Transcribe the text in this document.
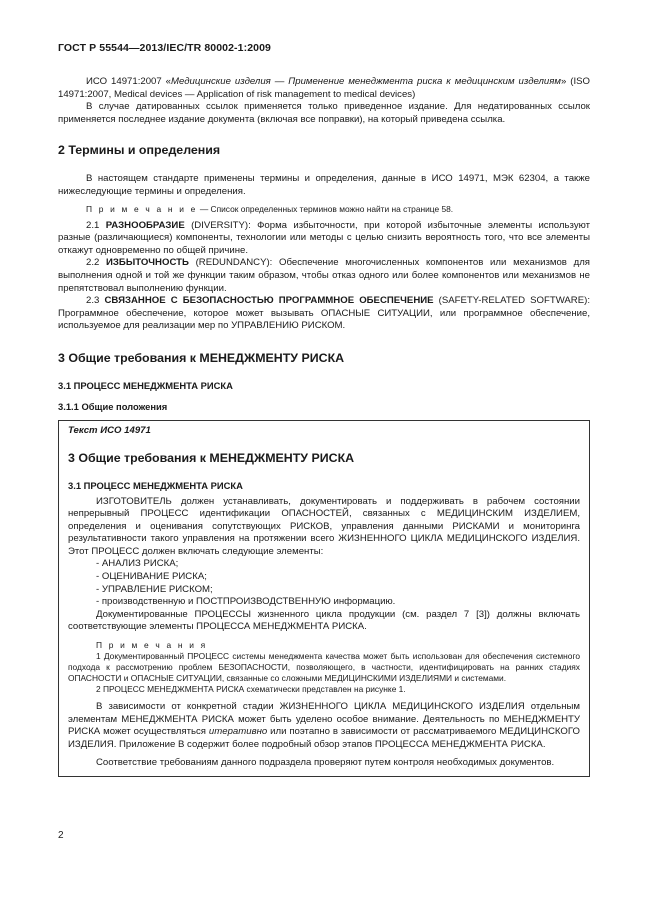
ГОСТ Р 55544—2013/IEC/TR 80002-1:2009

ИСО 14971:2007 «Медицинские изделия — Применение менеджмента риска к медицинским изделиям» (ISO 14971:2007, Medical devices — Application of risk management to medical devices)

В случае датированных ссылок применяется только приведенное издание. Для недатированных ссылок применяется последнее издание документа (включая все поправки), на который приведена ссылка.

2 Термины и определения

В настоящем стандарте применены термины и определения, данные в ИСО 14971, МЭК 62304, а также нижеследующие термины и определения.

П р и м е ч а н и е — Список определенных терминов можно найти на странице 58.

2.1 РАЗНООБРАЗИЕ (DIVERSITY): Форма избыточности, при которой избыточные элементы используют разные (различающиеся) компоненты, технологии или методы с целью снизить вероятность того, что все элементы откажут одновременно по общей причине.

2.2 ИЗБЫТОЧНОСТЬ (REDUNDANCY): Обеспечение многочисленных компонентов или механизмов для выполнения одной и той же функции таким образом, чтобы отказ одного или более компонентов или механизмов не препятствовал выполнению функции.

2.3 СВЯЗАННОЕ С БЕЗОПАСНОСТЬЮ ПРОГРАММНОЕ ОБЕСПЕЧЕНИЕ (SAFETY-RELATED SOFTWARE): Программное обеспечение, которое может вызывать ОПАСНЫЕ СИТУАЦИИ, или программное обеспечение, используемое для реализации мер по УПРАВЛЕНИЮ РИСКОМ.

3 Общие требования к МЕНЕДЖМЕНТУ РИСКА
3.1 ПРОЦЕСС МЕНЕДЖМЕНТА РИСКА
3.1.1 Общие положения

Текст ИСО 14971

3 Общие требования к МЕНЕДЖМЕНТУ РИСКА
3.1 ПРОЦЕСС МЕНЕДЖМЕНТА РИСКА

ИЗГОТОВИТЕЛЬ должен устанавливать, документировать и поддерживать в рабочем состоянии непрерывный ПРОЦЕСС идентификации ОПАСНОСТЕЙ, связанных с МЕДИЦИНСКИМ ИЗДЕЛИЕМ, определения и оценивания сопутствующих РИСКОВ, управления данными РИСКАМИ и мониторинга результативности такого управления на протяжении всего ЖИЗНЕННОГО ЦИКЛА МЕДИЦИНСКОГО ИЗДЕЛИЯ. Этот ПРОЦЕСС должен включать следующие элементы:

- АНАЛИЗ РИСКА;

- ОЦЕНИВАНИЕ РИСКА;

- УПРАВЛЕНИЕ РИСКОМ;

- производственную и ПОСТПРОИЗВОДСТВЕННУЮ информацию.

Документированные ПРОЦЕССЫ жизненного цикла продукции (см. раздел 7 [3]) должны включать соответствующие элементы ПРОЦЕССА МЕНЕДЖМЕНТА РИСКА.

П р и м е ч а н и я

1 Документированный ПРОЦЕСС системы менеджмента качества может быть использован для обеспечения системного подхода к рассмотрению проблем БЕЗОПАСНОСТИ, позволяющего, в частности, идентифицировать на ранних стадиях ОПАСНОСТИ и ОПАСНЫЕ СИТУАЦИИ, связанные со сложными МЕДИЦИНСКИМИ ИЗДЕЛИЯМИ и системами.

2 ПРОЦЕСС МЕНЕДЖМЕНТА РИСКА схематически представлен на рисунке 1.

В зависимости от конкретной стадии ЖИЗНЕННОГО ЦИКЛА МЕДИЦИНСКОГО ИЗДЕЛИЯ отдельным элементам МЕНЕДЖМЕНТА РИСКА может быть уделено особое внимание. Деятельность по МЕНЕДЖМЕНТУ РИСКА может осуществляться итеративно или поэтапно в зависимости от рассматриваемого МЕДИЦИНСКОГО ИЗДЕЛИЯ. Приложение В содержит более подробный обзор этапов ПРОЦЕССА МЕНЕДЖМЕНТА РИСКА.

Соответствие требованиям данного подраздела проверяют путем контроля необходимых документов.

2
